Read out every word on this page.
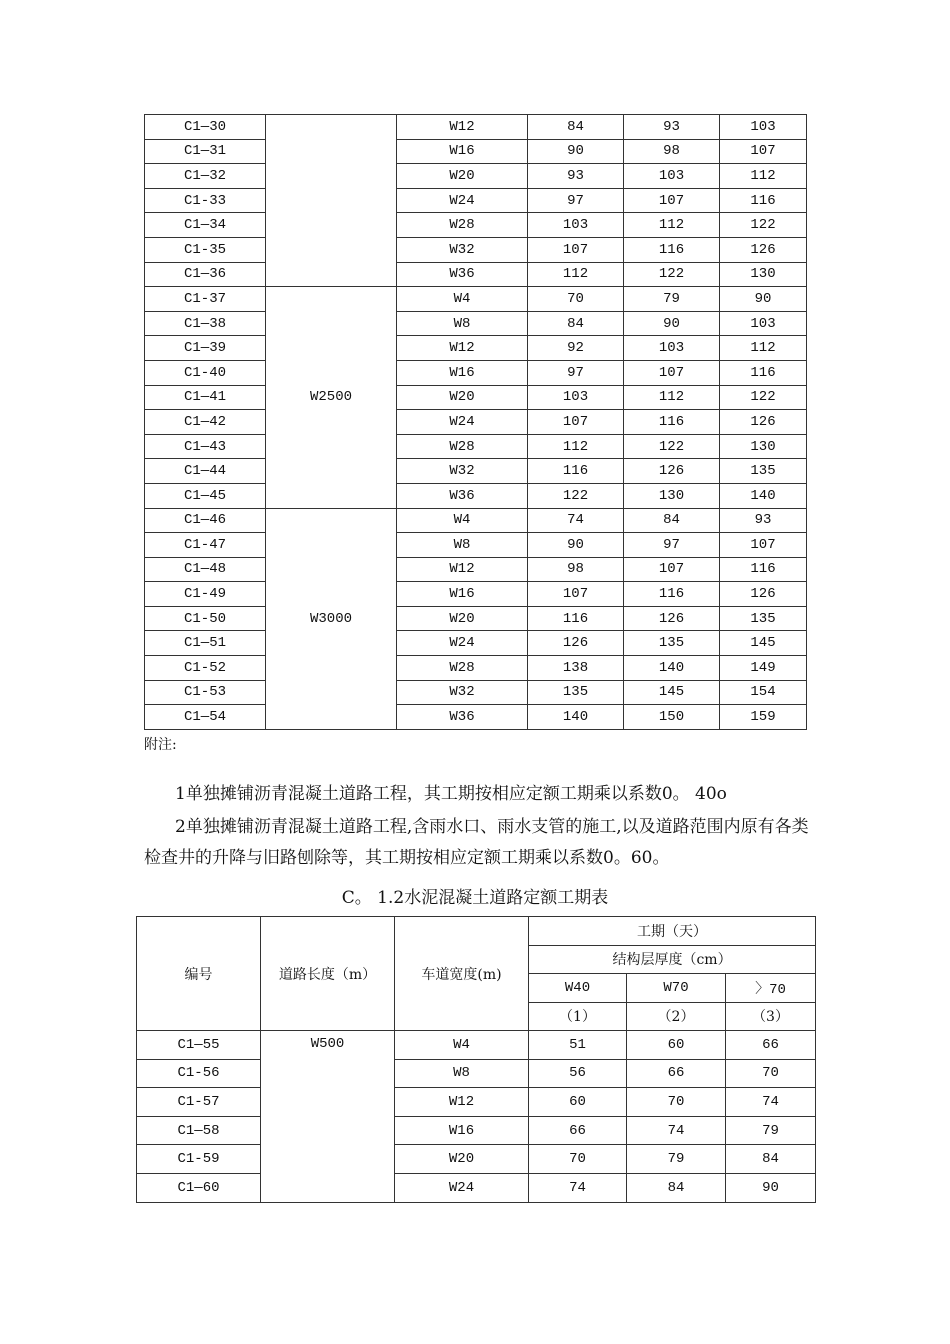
C1—30		W12	84	93	103
C1—31		W16	90	98	107
C1—32		W20	93	103	112
C1-33		W24	97	107	116
C1—34		W28	103	112	122
C1-35		W32	107	116	126
C1—36		W36	112	122	130
C1-37	W2500	W4	70	79	90
C1—38		W8	84	90	103
C1—39		W12	92	103	112
C1-40		W16	97	107	116
C1—41		W20	103	112	122
C1—42		W24	107	116	126
C1—43		W28	112	122	130
C1—44		W32	116	126	135
C1—45		W36	122	130	140
C1—46	W3000	W4	74	84	93
C1-47		W8	90	97	107
C1—48		W12	98	107	116
C1-49		W16	107	116	126
C1-50		W20	116	126	135
C1—51		W24	126	135	145
C1-52		W28	138	140	149
C1-53		W32	135	145	154
C1—54		W36	140	150	159
附注:
1单独摊铺沥青混凝土道路工程，其工期按相应定额工期乘以系数0。 40o
2单独摊铺沥青混凝土道路工程,含雨水口、雨水支管的施工,以及道路范围内原有各类检查井的升降与旧路刨除等，其工期按相应定额工期乘以系数0。60。
C。 1.2水泥混凝土道路定额工期表
编号	道路长度（m）	车道宽度(m)	工期（天）		
			结构层厚度（cm）		
			W40	W70	〉70
			（1）	（2）	（3）
C1—55	W500	W4	51	60	66
C1-56		W8	56	66	70
C1-57		W12	60	70	74
C1—58		W16	66	74	79
C1-59		W20	70	79	84
C1—60		W24	74	84	90
